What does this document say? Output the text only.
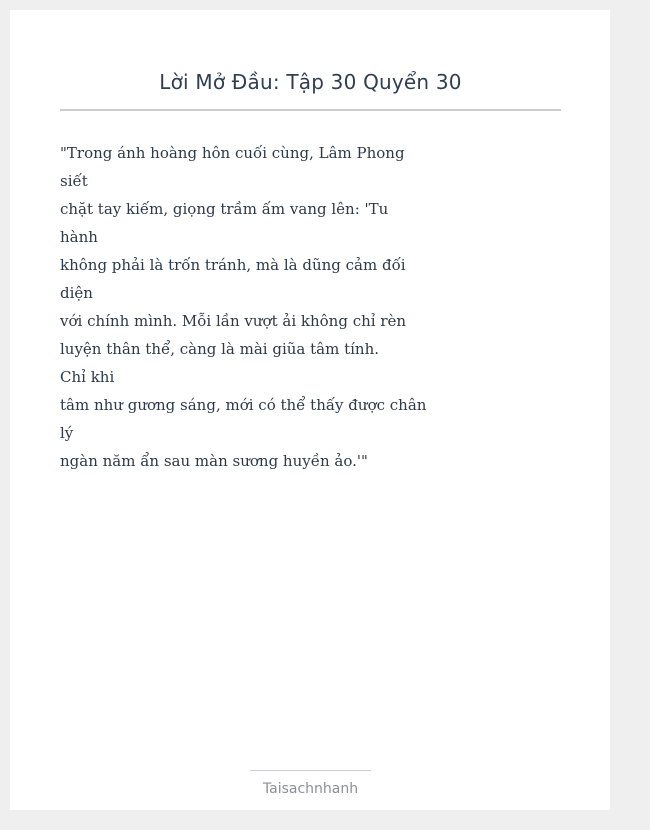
Lời Mở Đầu: Tập 30 Quyển 30
"Trong ánh hoàng hôn cuối cùng, Lâm Phong
siết
chặt tay kiếm, giọng trầm ấm vang lên: 'Tu
hành
không phải là trốn tránh, mà là dũng cảm đối
diện
với chính mình. Mỗi lần vượt ải không chỉ rèn
luyện thân thể, càng là mài giũa tâm tính.
Chỉ khi
tâm như gương sáng, mới có thể thấy được chân
lý
ngàn năm ẩn sau màn sương huyền ảo.'"
Taisachnhanh
